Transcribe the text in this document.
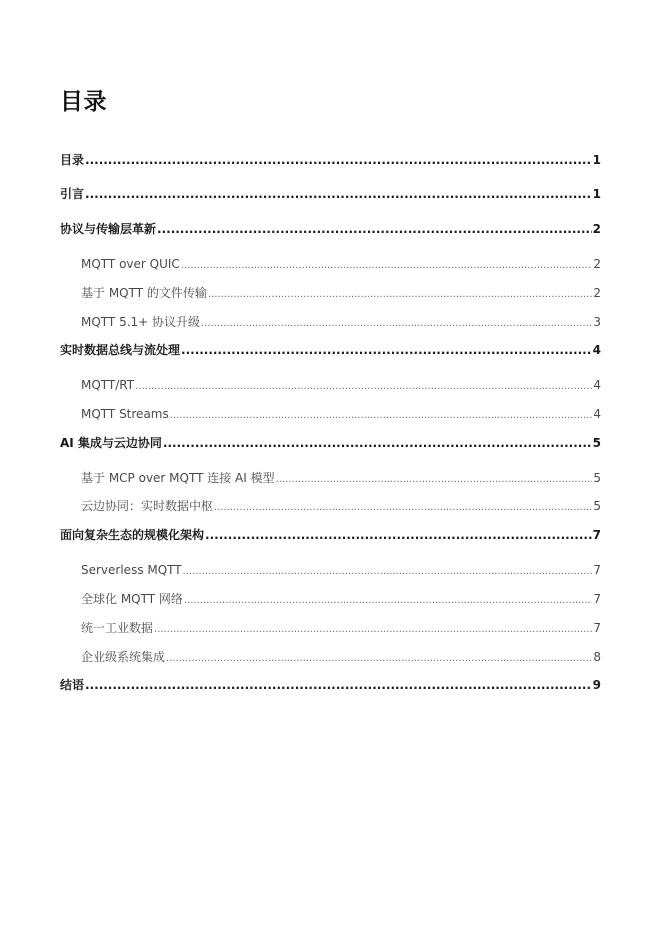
目录
目录 .....	1
引言 .....	1
协议与传输层革新 .....	2
MQTT over QUIC .....	2
基于 MQTT 的文件传输 .....	2
MQTT 5.1+ 协议升级 .....	3
实时数据总线与流处理 .....	4
MQTT/RT .....	4
MQTT Streams .....	4
AI 集成与云边协同 .....	5
基于 MCP over MQTT 连接 AI 模型 .....	5
云边协同：实时数据中枢 .....	5
面向复杂生态的规模化架构 .....	7
Serverless MQTT .....	7
全球化 MQTT 网络 .....	7
统一工业数据 .....	7
企业级系统集成 .....	8
结语 .....	9
